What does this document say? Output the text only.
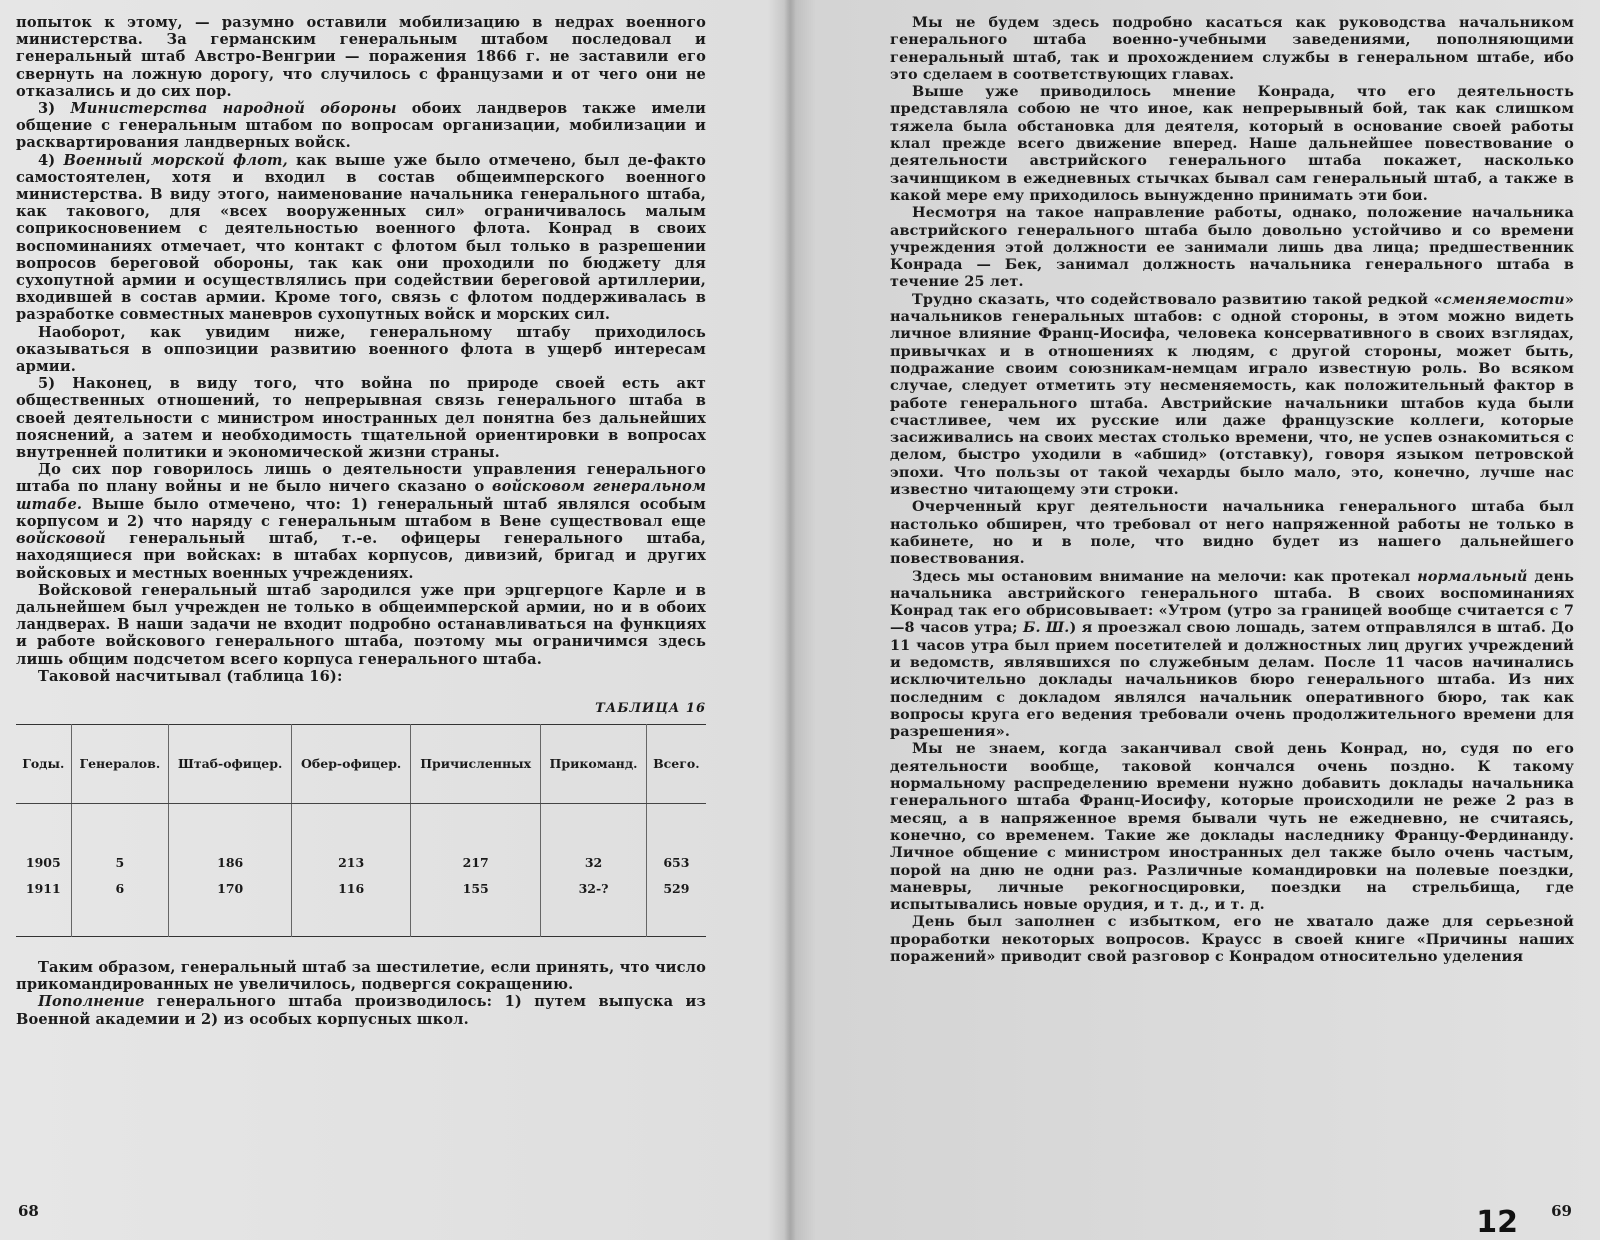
попыток к этому, — разумно оставили мобилизацию в недрах военного министерства. За германским генеральным штабом последовал и генеральный штаб Австро-Венгрии — поражения 1866 г. не заставили его свернуть на ложную дорогу, что случилось с французами и от чего они не отказались и до сих пор.

3) Министерства народной обороны обоих ландверов также имели общение с генеральным штабом по вопросам организации, мобилизации и расквартирования ландверных войск.

4) Военный морской флот, как выше уже было отмечено, был де-факто самостоятелен, хотя и входил в состав общеимперского военного министерства. В виду этого, наименование начальника генерального штаба, как такового, для «всех вооруженных сил» ограничивалось малым соприкосновением с деятельностью военного флота. Конрад в своих воспоминаниях отмечает, что контакт с флотом был только в разрешении вопросов береговой обороны, так как они проходили по бюджету для сухопутной армии и осуществлялись при содействии береговой артиллерии, входившей в состав армии. Кроме того, связь с флотом поддерживалась в разработке совместных маневров сухопутных войск и морских сил.

Наоборот, как увидим ниже, генеральному штабу приходилось оказываться в оппозиции развитию военного флота в ущерб интересам армии.

5) Наконец, в виду того, что война по природе своей есть акт общественных отношений, то непрерывная связь генерального штаба в своей деятельности с министром иностранных дел понятна без дальнейших пояснений, а затем и необходимость тщательной ориентировки в вопросах внутренней политики и экономической жизни страны.

До сих пор говорилось лишь о деятельности управления генерального штаба по плану войны и не было ничего сказано о войсковом генеральном штабе. Выше было отмечено, что: 1) генеральный штаб являлся особым корпусом и 2) что наряду с генеральным штабом в Вене существовал еще войсковой генеральный штаб, т.-е. офицеры генерального штаба, находящиеся при войсках: в штабах корпусов, дивизий, бригад и других войсковых и местных военных учреждениях.

Войсковой генеральный штаб зародился уже при эрцгерцоге Карле и в дальнейшем был учрежден не только в общеимперской армии, но и в обоих ландверах. В наши задачи не входит подробно останавливаться на функциях и работе войскового генерального штаба, поэтому мы ограничимся здесь лишь общим подсчетом всего корпуса генерального штаба.

Таковой насчитывал (таблица 16):

ТАБЛИЦА 16
Годы.	Генералов.	Штаб-офицер.	Обер-офицер.	Причисленных	Прикоманд.	Всего.

1905	5	186	213	217	32	653
1911	6	170	116	155	32-?	529

Таким образом, генеральный штаб за шестилетие, если принять, что число прикомандированных не увеличилось, подвергся сокращению.

Пополнение генерального штаба производилось: 1) путем выпуска из Военной академии и 2) из особых корпусных школ.

68

Мы не будем здесь подробно касаться как руководства начальником генерального штаба военно-учебными заведениями, пополняющими генеральный штаб, так и прохождением службы в генеральном штабе, ибо это сделаем в соответствующих главах.

Выше уже приводилось мнение Конрада, что его деятельность представляла собою не что иное, как непрерывный бой, так как слишком тяжела была обстановка для деятеля, который в основание своей работы клал прежде всего движение вперед. Наше дальнейшее повествование о деятельности австрийского генерального штаба покажет, насколько зачинщиком в ежедневных стычках бывал сам генеральный штаб, а также в какой мере ему приходилось вынужденно принимать эти бои.

Несмотря на такое направление работы, однако, положение начальника австрийского генерального штаба было довольно устойчиво и со времени учреждения этой должности ее занимали лишь два лица; предшественник Конрада — Бек, занимал должность начальника генерального штаба в течение 25 лет.

Трудно сказать, что содействовало развитию такой редкой «сменяемости» начальников генеральных штабов: с одной стороны, в этом можно видеть личное влияние Франц-Иосифа, человека консервативного в своих взглядах, привычках и в отношениях к людям, с другой стороны, может быть, подражание своим союзникам-немцам играло известную роль. Во всяком случае, следует отметить эту несменяемость, как положительный фактор в работе генерального штаба. Австрийские начальники штабов куда были счастливее, чем их русские или даже французские коллеги, которые засиживались на своих местах столько времени, что, не успев ознакомиться с делом, быстро уходили в «абшид» (отставку), говоря языком петровской эпохи. Что пользы от такой чехарды было мало, это, конечно, лучше нас известно читающему эти строки.

Очерченный круг деятельности начальника генерального штаба был настолько обширен, что требовал от него напряженной работы не только в кабинете, но и в поле, что видно будет из нашего дальнейшего повествования.

Здесь мы остановим внимание на мелочи: как протекал нормальный день начальника австрийского генерального штаба. В своих воспоминаниях Конрад так его обрисовывает: «Утром (утро за границей вообще считается с 7—8 часов утра; Б. Ш.) я проезжал свою лошадь, затем отправлялся в штаб. До 11 часов утра был прием посетителей и должностных лиц других учреждений и ведомств, являвшихся по служебным делам. После 11 часов начинались исключительно доклады начальников бюро генерального штаба. Из них последним с докладом являлся начальник оперативного бюро, так как вопросы круга его ведения требовали очень продолжительного времени для разрешения».

Мы не знаем, когда заканчивал свой день Конрад, но, судя по его деятельности вообще, таковой кончался очень поздно. К такому нормальному распределению времени нужно добавить доклады начальника генерального штаба Франц-Иосифу, которые происходили не реже 2 раз в месяц, а в напряженное время бывали чуть не ежедневно, не считаясь, конечно, со временем. Такие же доклады наследнику Францу-Фердинанду. Личное общение с министром иностранных дел также было очень частым, порой на дню не одни раз. Различные командировки на полевые поездки, маневры, личные рекогносцировки, поездки на стрельбища, где испытывались новые орудия, и т. д., и т. д.

День был заполнен с избытком, его не хватало даже для серьезной проработки некоторых вопросов. Краусс в своей книге «Причины наших поражений» приводит свой разговор с Конрадом относительно уделения

69
12
